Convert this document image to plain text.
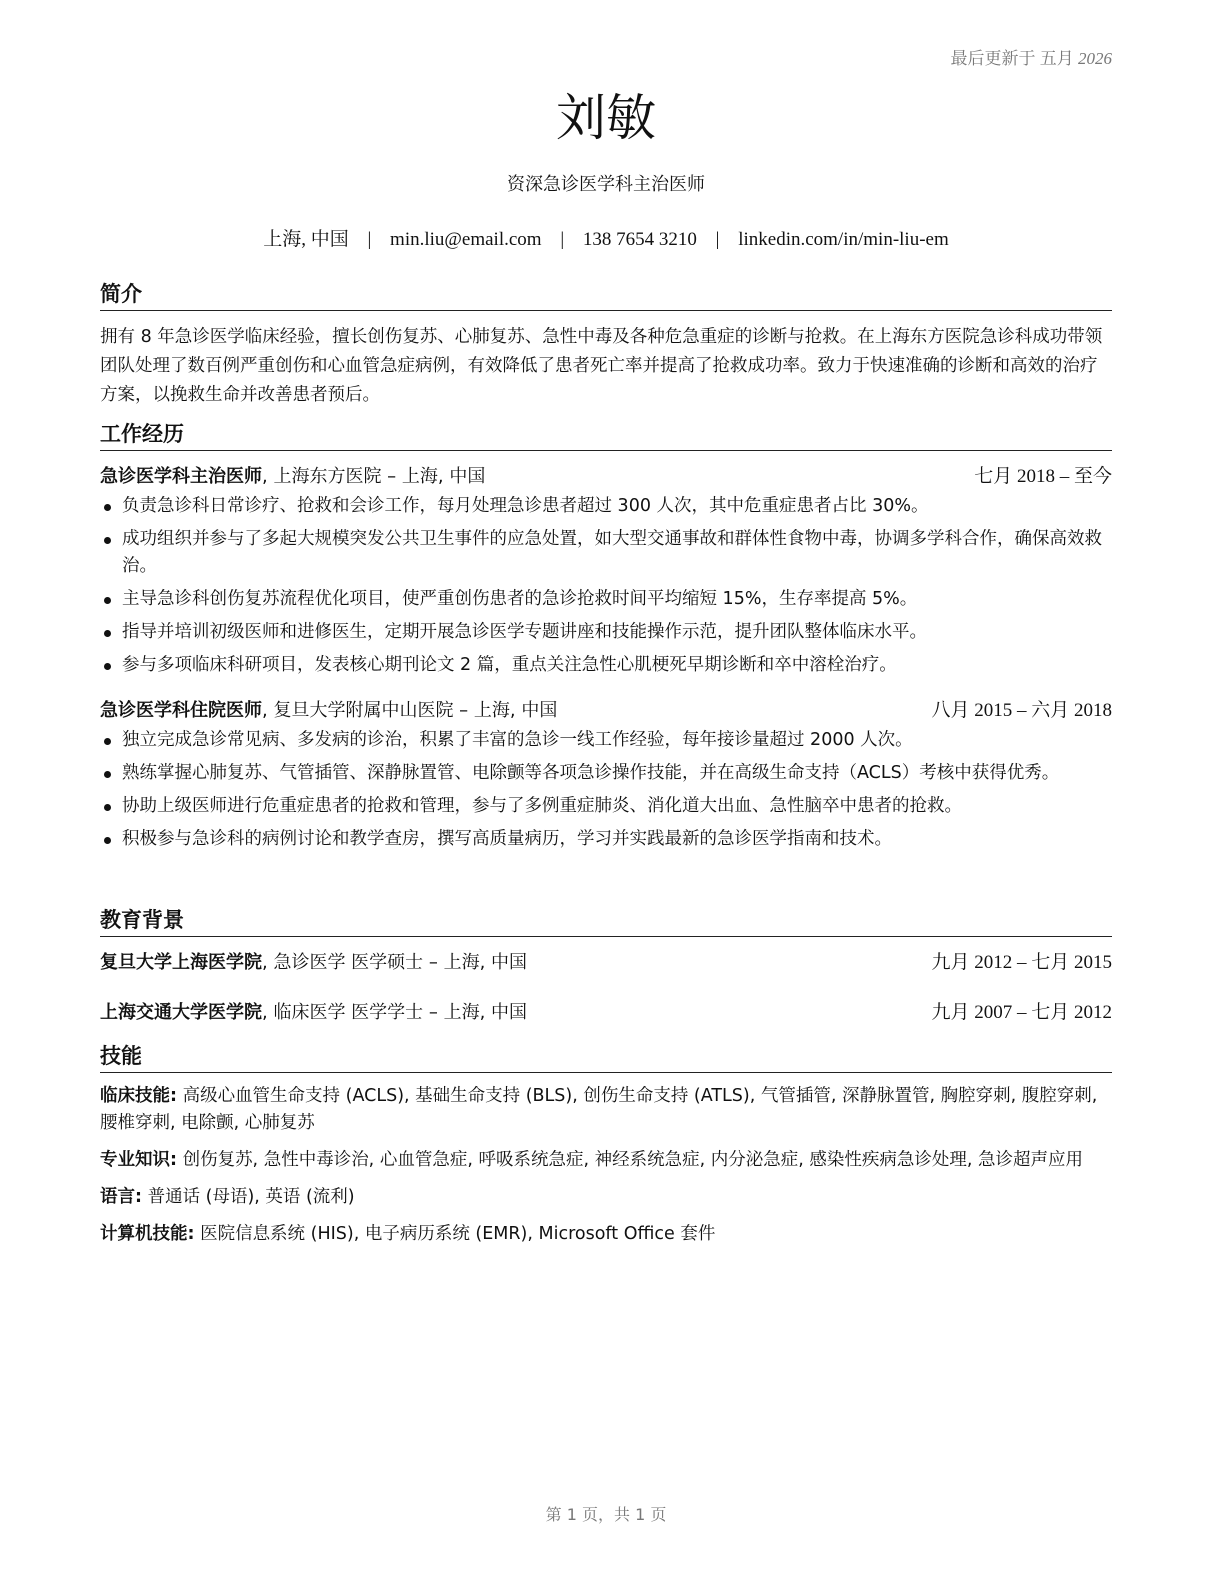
最后更新于 五月 2026
刘敏
资深急诊医学科主治医师
上海, 中国 | min.liu@email.com | 138 7654 3210 | linkedin.com/in/min-liu-em
简介
拥有 8 年急诊医学临床经验，擅长创伤复苏、心肺复苏、急性中毒及各种危急重症的诊断与抢救。在上海东方医院急诊科成功带领团队处理了数百例严重创伤和心血管急症病例，有效降低了患者死亡率并提高了抢救成功率。致力于快速准确的诊断和高效的治疗方案，以挽救生命并改善患者预后。
工作经历
急诊医学科主治医师, 上海东方医院 – 上海, 中国	七月 2018 – 至今
负责急诊科日常诊疗、抢救和会诊工作，每月处理急诊患者超过 300 人次，其中危重症患者占比 30%。
成功组织并参与了多起大规模突发公共卫生事件的应急处置，如大型交通事故和群体性食物中毒，协调多学科合作，确保高效救治。
主导急诊科创伤复苏流程优化项目，使严重创伤患者的急诊抢救时间平均缩短 15%，生存率提高 5%。
指导并培训初级医师和进修医生，定期开展急诊医学专题讲座和技能操作示范，提升团队整体临床水平。
参与多项临床科研项目，发表核心期刊论文 2 篇，重点关注急性心肌梗死早期诊断和卒中溶栓治疗。
急诊医学科住院医师, 复旦大学附属中山医院 – 上海, 中国	八月 2015 – 六月 2018
独立完成急诊常见病、多发病的诊治，积累了丰富的急诊一线工作经验，每年接诊量超过 2000 人次。
熟练掌握心肺复苏、气管插管、深静脉置管、电除颤等各项急诊操作技能，并在高级生命支持（ACLS）考核中获得优秀。
协助上级医师进行危重症患者的抢救和管理，参与了多例重症肺炎、消化道大出血、急性脑卒中患者的抢救。
积极参与急诊科的病例讨论和教学查房，撰写高质量病历，学习并实践最新的急诊医学指南和技术。
教育背景
复旦大学上海医学院, 急诊医学 医学硕士 – 上海, 中国	九月 2012 – 七月 2015
上海交通大学医学院, 临床医学 医学学士 – 上海, 中国	九月 2007 – 七月 2012
技能
临床技能: 高级心血管生命支持 (ACLS), 基础生命支持 (BLS), 创伤生命支持 (ATLS), 气管插管, 深静脉置管, 胸腔穿刺, 腹腔穿刺, 腰椎穿刺, 电除颤, 心肺复苏
专业知识: 创伤复苏, 急性中毒诊治, 心血管急症, 呼吸系统急症, 神经系统急症, 内分泌急症, 感染性疾病急诊处理, 急诊超声应用
语言: 普通话 (母语), 英语 (流利)
计算机技能: 医院信息系统 (HIS), 电子病历系统 (EMR), Microsoft Office 套件
第 1 页，共 1 页
